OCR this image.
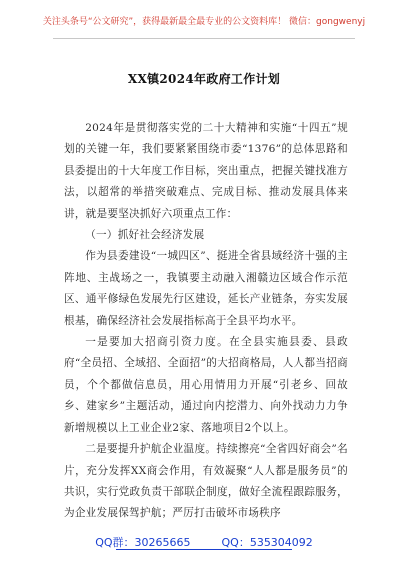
关注头条号“公文研究”，获得最新最全最专业的公文资料库！ 微信：gongwenyj
XX镇2024年政府工作计划

2024年是贯彻落实党的二十大精神和实施“十四五”规划的关键一年，我们要紧紧围绕市委“1376”的总体思路和县委提出的十大年度工作目标，突出重点，把握关键找准方法，以超常的举措突破难点、完成目标、推动发展具体来讲，就是要坚决抓好六项重点工作：

（一）抓好社会经济发展

作为县委建设“一城四区”、挺进全省县域经济十强的主阵地、主战场之一，我镇要主动融入湘赣边区域合作示范区、通平修绿色发展先行区建设，延长产业链条，夯实发展根基，确保经济社会发展指标高于全县平均水平。

一是要加大招商引资力度。在全县实施县委、县政府“全员招、全域招、全面招”的大招商格局，人人都当招商员，个个都做信息员，用心用情用力开展“引老乡、回故乡、建家乡”主题活动，通过向内挖潜力、向外找动力力争新增规模以上工业企业2家、落地项目2个以上。

二是要提升护航企业温度。持续擦亮“全省四好商会”名片，充分发挥XX商会作用，有效凝聚“人人都是服务员”的共识，实行党政负责干部联企制度，做好全流程跟踪服务，为企业发展保驾护航；严厉打击破坏市场秩序

QQ群：30265665	QQ：535304092
